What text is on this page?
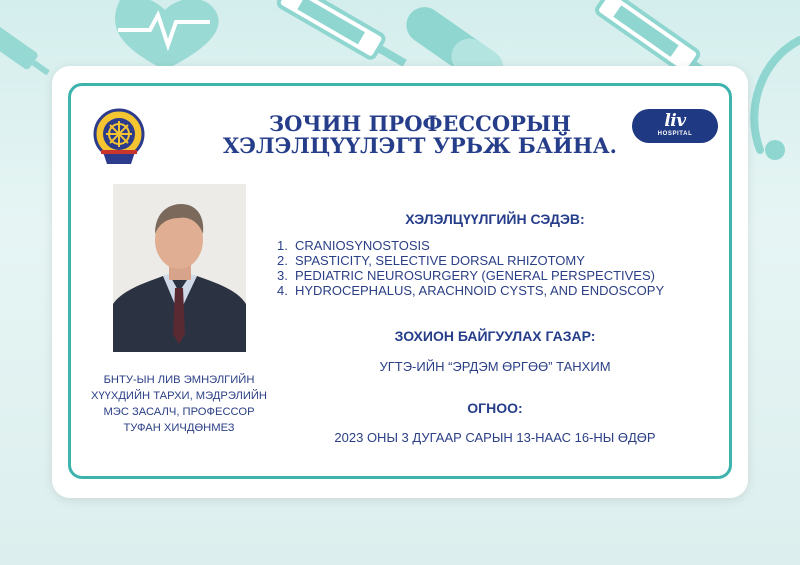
liv
HOSPITAL
ЗОЧИН ПРОФЕССОРЫН
ХЭЛЭЛЦҮҮЛЭГТ УРЬЖ БАЙНА.
БНТУ-ЫН ЛИВ ЭМНЭЛГИЙН
ХҮҮХДИЙН ТАРХИ, МЭДРЭЛИЙН
МЭС ЗАСАЛЧ, ПРОФЕССОР
ТУФАН ХИЧДӨНМЕЗ
ХЭЛЭЛЦҮҮЛГИЙН СЭДЭВ:
1. CRANIOSYNOSTOSIS
2. SPASTICITY, SELECTIVE DORSAL RHIZOTOMY
3. PEDIATRIC NEUROSURGERY (GENERAL PERSPECTIVES)
4. HYDROCEPHALUS, ARACHNOID CYSTS, AND ENDOSCOPY
ЗОХИОН БАЙГУУЛАХ ГАЗАР:
УГТЭ-ИЙН “ЭРДЭМ ӨРГӨӨ” ТАНХИМ
ОГНОО:
2023 ОНЫ 3 ДУГААР САРЫН 13-НААС 16-НЫ ӨДӨР
